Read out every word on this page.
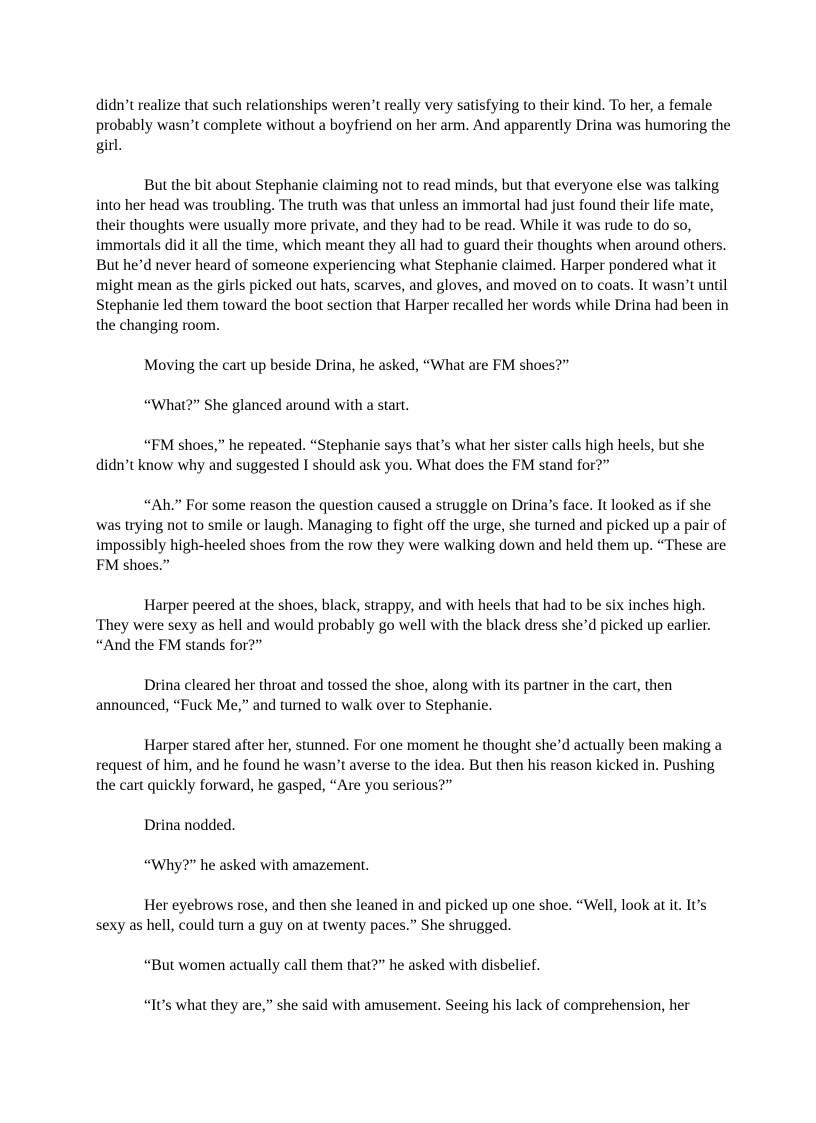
didn’t realize that such relationships weren’t really very satisfying to their kind. To her, a female probably wasn’t complete without a boyfriend on her arm. And apparently Drina was humoring the girl.

But the bit about Stephanie claiming not to read minds, but that everyone else was talking into her head was troubling. The truth was that unless an immortal had just found their life mate, their thoughts were usually more private, and they had to be read. While it was rude to do so, immortals did it all the time, which meant they all had to guard their thoughts when around others. But he’d never heard of someone experiencing what Stephanie claimed. Harper pondered what it might mean as the girls picked out hats, scarves, and gloves, and moved on to coats. It wasn’t until Stephanie led them toward the boot section that Harper recalled her words while Drina had been in the changing room.

Moving the cart up beside Drina, he asked, “What are FM shoes?”

“What?” She glanced around with a start.

“FM shoes,” he repeated. “Stephanie says that’s what her sister calls high heels, but she didn’t know why and suggested I should ask you. What does the FM stand for?”

“Ah.” For some reason the question caused a struggle on Drina’s face. It looked as if she was trying not to smile or laugh. Managing to fight off the urge, she turned and picked up a pair of impossibly high-heeled shoes from the row they were walking down and held them up. “These are FM shoes.”

Harper peered at the shoes, black, strappy, and with heels that had to be six inches high. They were sexy as hell and would probably go well with the black dress she’d picked up earlier. “And the FM stands for?”

Drina cleared her throat and tossed the shoe, along with its partner in the cart, then announced, “Fuck Me,” and turned to walk over to Stephanie.

Harper stared after her, stunned. For one moment he thought she’d actually been making a request of him, and he found he wasn’t averse to the idea. But then his reason kicked in. Pushing the cart quickly forward, he gasped, “Are you serious?”

Drina nodded.

“Why?” he asked with amazement.

Her eyebrows rose, and then she leaned in and picked up one shoe. “Well, look at it. It’s sexy as hell, could turn a guy on at twenty paces.” She shrugged.

“But women actually call them that?” he asked with disbelief.

“It’s what they are,” she said with amusement. Seeing his lack of comprehension, her
